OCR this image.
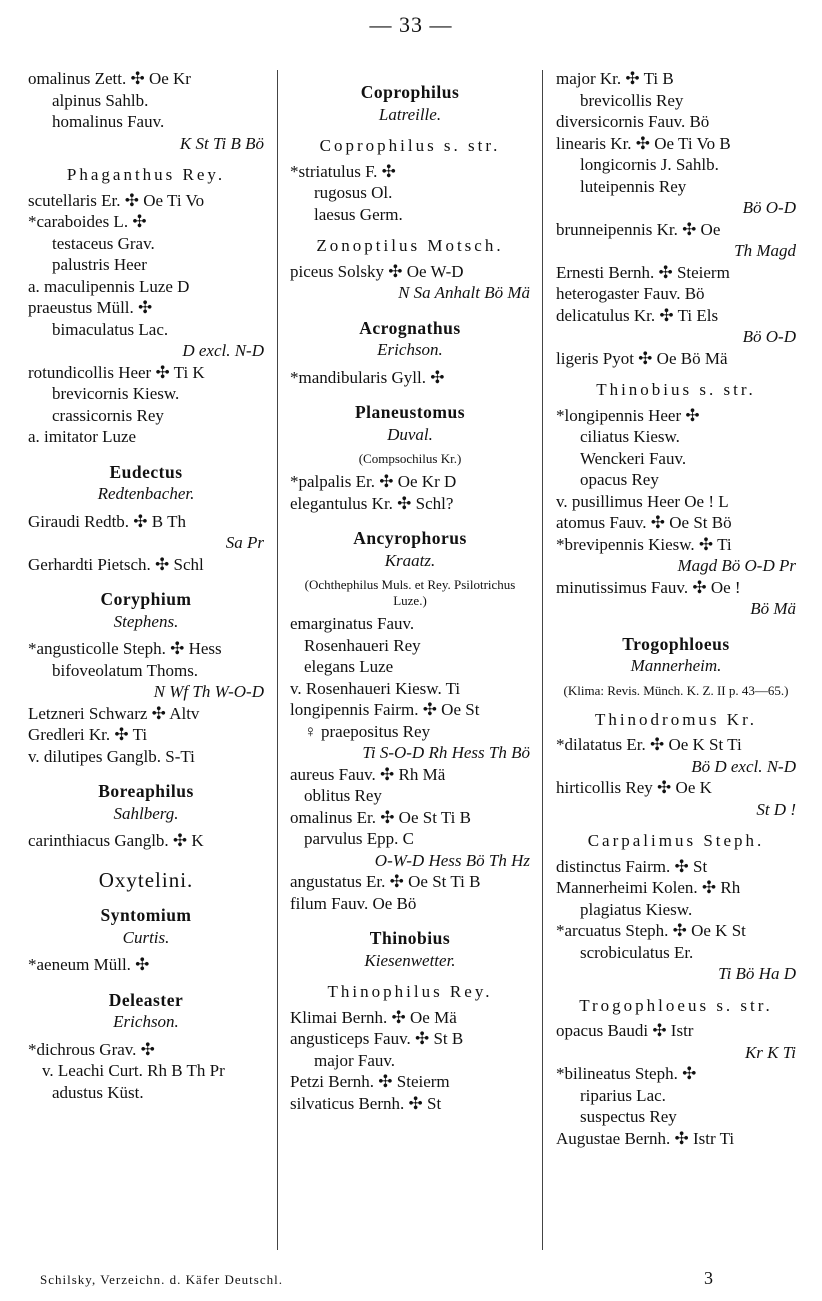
— 33 —
omalinus Zett. ✣ Oe Kr
alpinus Sahlb.
homalinus Fauv.
K St Ti B Bö
Phaganthus Rey.
scutellaris Er. ✣ Oe Ti Vo
*caraboides L. ✣
testaceus Grav.
palustris Heer
a. maculipennis Luze D
praeustus Müll. ✣
bimaculatus Lac.
D excl. N-D
rotundicollis Heer ✣ Ti K
brevicornis Kiesw.
crassicornis Rey
a. imitator Luze
Eudectus
Redtenbacher.
Giraudi Redtb. ✣ B Th
Sa Pr
Gerhardti Pietsch. ✣ Schl
Coryphium
Stephens.
*angusticolle Steph. ✣ Hess
bifoveolatum Thoms.
N Wf Th W-O-D
Letzneri Schwarz ✣ Altv
Gredleri Kr. ✣ Ti
v. dilutipes Ganglb. S-Ti
Boreaphilus
Sahlberg.
carinthiacus Ganglb. ✣ K
Oxytelini.
Syntomium
Curtis.
*aeneum Müll. ✣
Deleaster
Erichson.
*dichrous Grav. ✣
v. Leachi Curt. Rh B Th Pr
adustus Küst.
Coprophilus
Latreille.
Coprophilus s. str.
*striatulus F. ✣
rugosus Ol.
laesus Germ.
Zonoptilus Motsch.
piceus Solsky ✣ Oe W-D
N Sa Anhalt Bö Mä
Acrognathus
Erichson.
*mandibularis Gyll. ✣
Planeustomus
Duval.
(Compsochilus Kr.)
*palpalis Er. ✣ Oe Kr D
elegantulus Kr. ✣ Schl?
Ancyrophorus
Kraatz.
(Ochthephilus Muls. et Rey. Psilotrichus Luze.)
emarginatus Fauv.
Rosenhaueri Rey
elegans Luze
v. Rosenhaueri Kiesw. Ti
longipennis Fairm. ✣ Oe St
♀ praepositus Rey
Ti S-O-D Rh Hess Th Bö
aureus Fauv. ✣ Rh Mä
oblitus Rey
omalinus Er. ✣ Oe St Ti B
parvulus Epp. C
O-W-D Hess Bö Th Hz
angustatus Er. ✣ Oe St Ti B
filum Fauv. Oe Bö
Thinobius
Kiesenwetter.
Thinophilus Rey.
Klimai Bernh. ✣ Oe Mä
angusticeps Fauv. ✣ St B
major Fauv.
Petzi Bernh. ✣ Steierm
silvaticus Bernh. ✣ St
major Kr. ✣ Ti B
brevicollis Rey
diversicornis Fauv. Bö
linearis Kr. ✣ Oe Ti Vo B
longicornis J. Sahlb.
luteipennis Rey
Bö O-D
brunneipennis Kr. ✣ Oe
Th Magd
Ernesti Bernh. ✣ Steierm
heterogaster Fauv. Bö
delicatulus Kr. ✣ Ti Els
Bö O-D
ligeris Pyot ✣ Oe Bö Mä
Thinobius s. str.
*longipennis Heer ✣
ciliatus Kiesw.
Wenckeri Fauv.
opacus Rey
v. pusillimus Heer Oe ! L
atomus Fauv. ✣ Oe St Bö
*brevipennis Kiesw. ✣ Ti
Magd Bö O-D Pr
minutissimus Fauv. ✣ Oe !
Bö Mä
Trogophloeus
Mannerheim.
(Klima: Revis. Münch. K. Z. II p. 43—65.)
Thinodromus Kr.
*dilatatus Er. ✣ Oe K St Ti
Bö D excl. N-D
hirticollis Rey ✣ Oe K
St D !
Carpalimus Steph.
distinctus Fairm. ✣ St
Mannerheimi Kolen. ✣ Rh
plagiatus Kiesw.
*arcuatus Steph. ✣ Oe K St
scrobiculatus Er.
Ti Bö Ha D
Trogophloeus s. str.
opacus Baudi ✣ Istr
Kr K Ti
*bilineatus Steph. ✣
riparius Lac.
suspectus Rey
Augustae Bernh. ✣ Istr Ti
Schilsky, Verzeichn. d. Käfer Deutschl.	3
